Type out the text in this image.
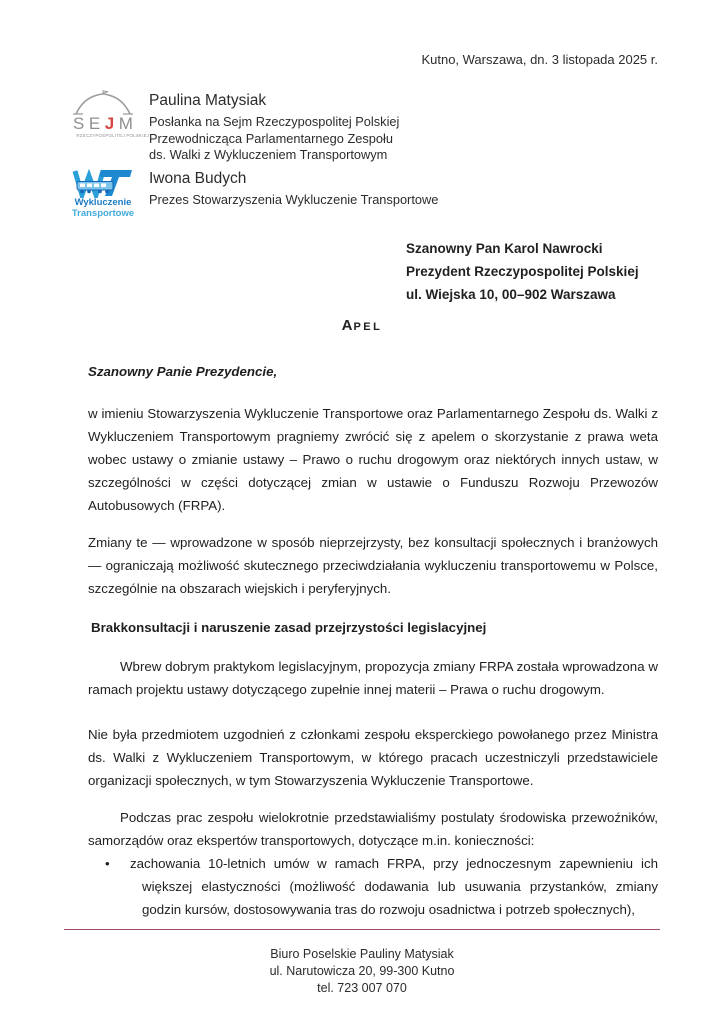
Kutno, Warszawa, dn. 3 listopada 2025 r.
S E J M
RZECZYPOSPOLITEJ POLSKIEJ
Paulina Matysiak
Posłanka na Sejm Rzeczypospolitej Polskiej
Przewodnicząca Parlamentarnego Zespołu
ds. Walki z Wykluczeniem Transportowym
Wykluczenie
Transportowe
Iwona Budych
Prezes Stowarzyszenia Wykluczenie Transportowe
Szanowny Pan Karol Nawrocki
Prezydent Rzeczypospolitej Polskiej
ul. Wiejska 10, 00–902 Warszawa
APEL

Szanowny Panie Prezydencie,

w imieniu Stowarzyszenia Wykluczenie Transportowe oraz Parlamentarnego Zespołu ds. Walki z Wykluczeniem Transportowym pragniemy zwrócić się z apelem o skorzystanie z prawa weta wobec ustawy o zmianie ustawy – Prawo o ruchu drogowym oraz niektórych innych ustaw, w szczególności w części dotyczącej zmian w ustawie o Funduszu Rozwoju Przewozów Autobusowych (FRPA).

Zmiany te — wprowadzone w sposób nieprzejrzysty, bez konsultacji społecznych i branżowych — ograniczają możliwość skutecznego przeciwdziałania wykluczeniu transportowemu w Polsce, szczególnie na obszarach wiejskich i peryferyjnych.

Brakkonsultacji i naruszenie zasad przejrzystości legislacyjnej

Wbrew dobrym praktykom legislacyjnym, propozycja zmiany FRPA została wprowadzona w ramach projektu ustawy dotyczącego zupełnie innej materii – Prawa o ruchu drogowym.

Nie była przedmiotem uzgodnień z członkami zespołu eksperckiego powołanego przez Ministra ds. Walki z Wykluczeniem Transportowym, w którego pracach uczestniczyli przedstawiciele organizacji społecznych, w tym Stowarzyszenia Wykluczenie Transportowe.

Podczas prac zespołu wielokrotnie przedstawialiśmy postulaty środowiska przewoźników, samorządów oraz ekspertów transportowych, dotyczące m.in. konieczności:

• zachowania 10-letnich umów w ramach FRPA, przy jednoczesnym zapewnieniu ich większej elastyczności (możliwość dodawania lub usuwania przystanków, zmiany godzin kursów, dostosowywania tras do rozwoju osadnictwa i potrzeb społecznych),

Biuro Poselskie Pauliny Matysiak
ul. Narutowicza 20, 99-300 Kutno
tel. 723 007 070
